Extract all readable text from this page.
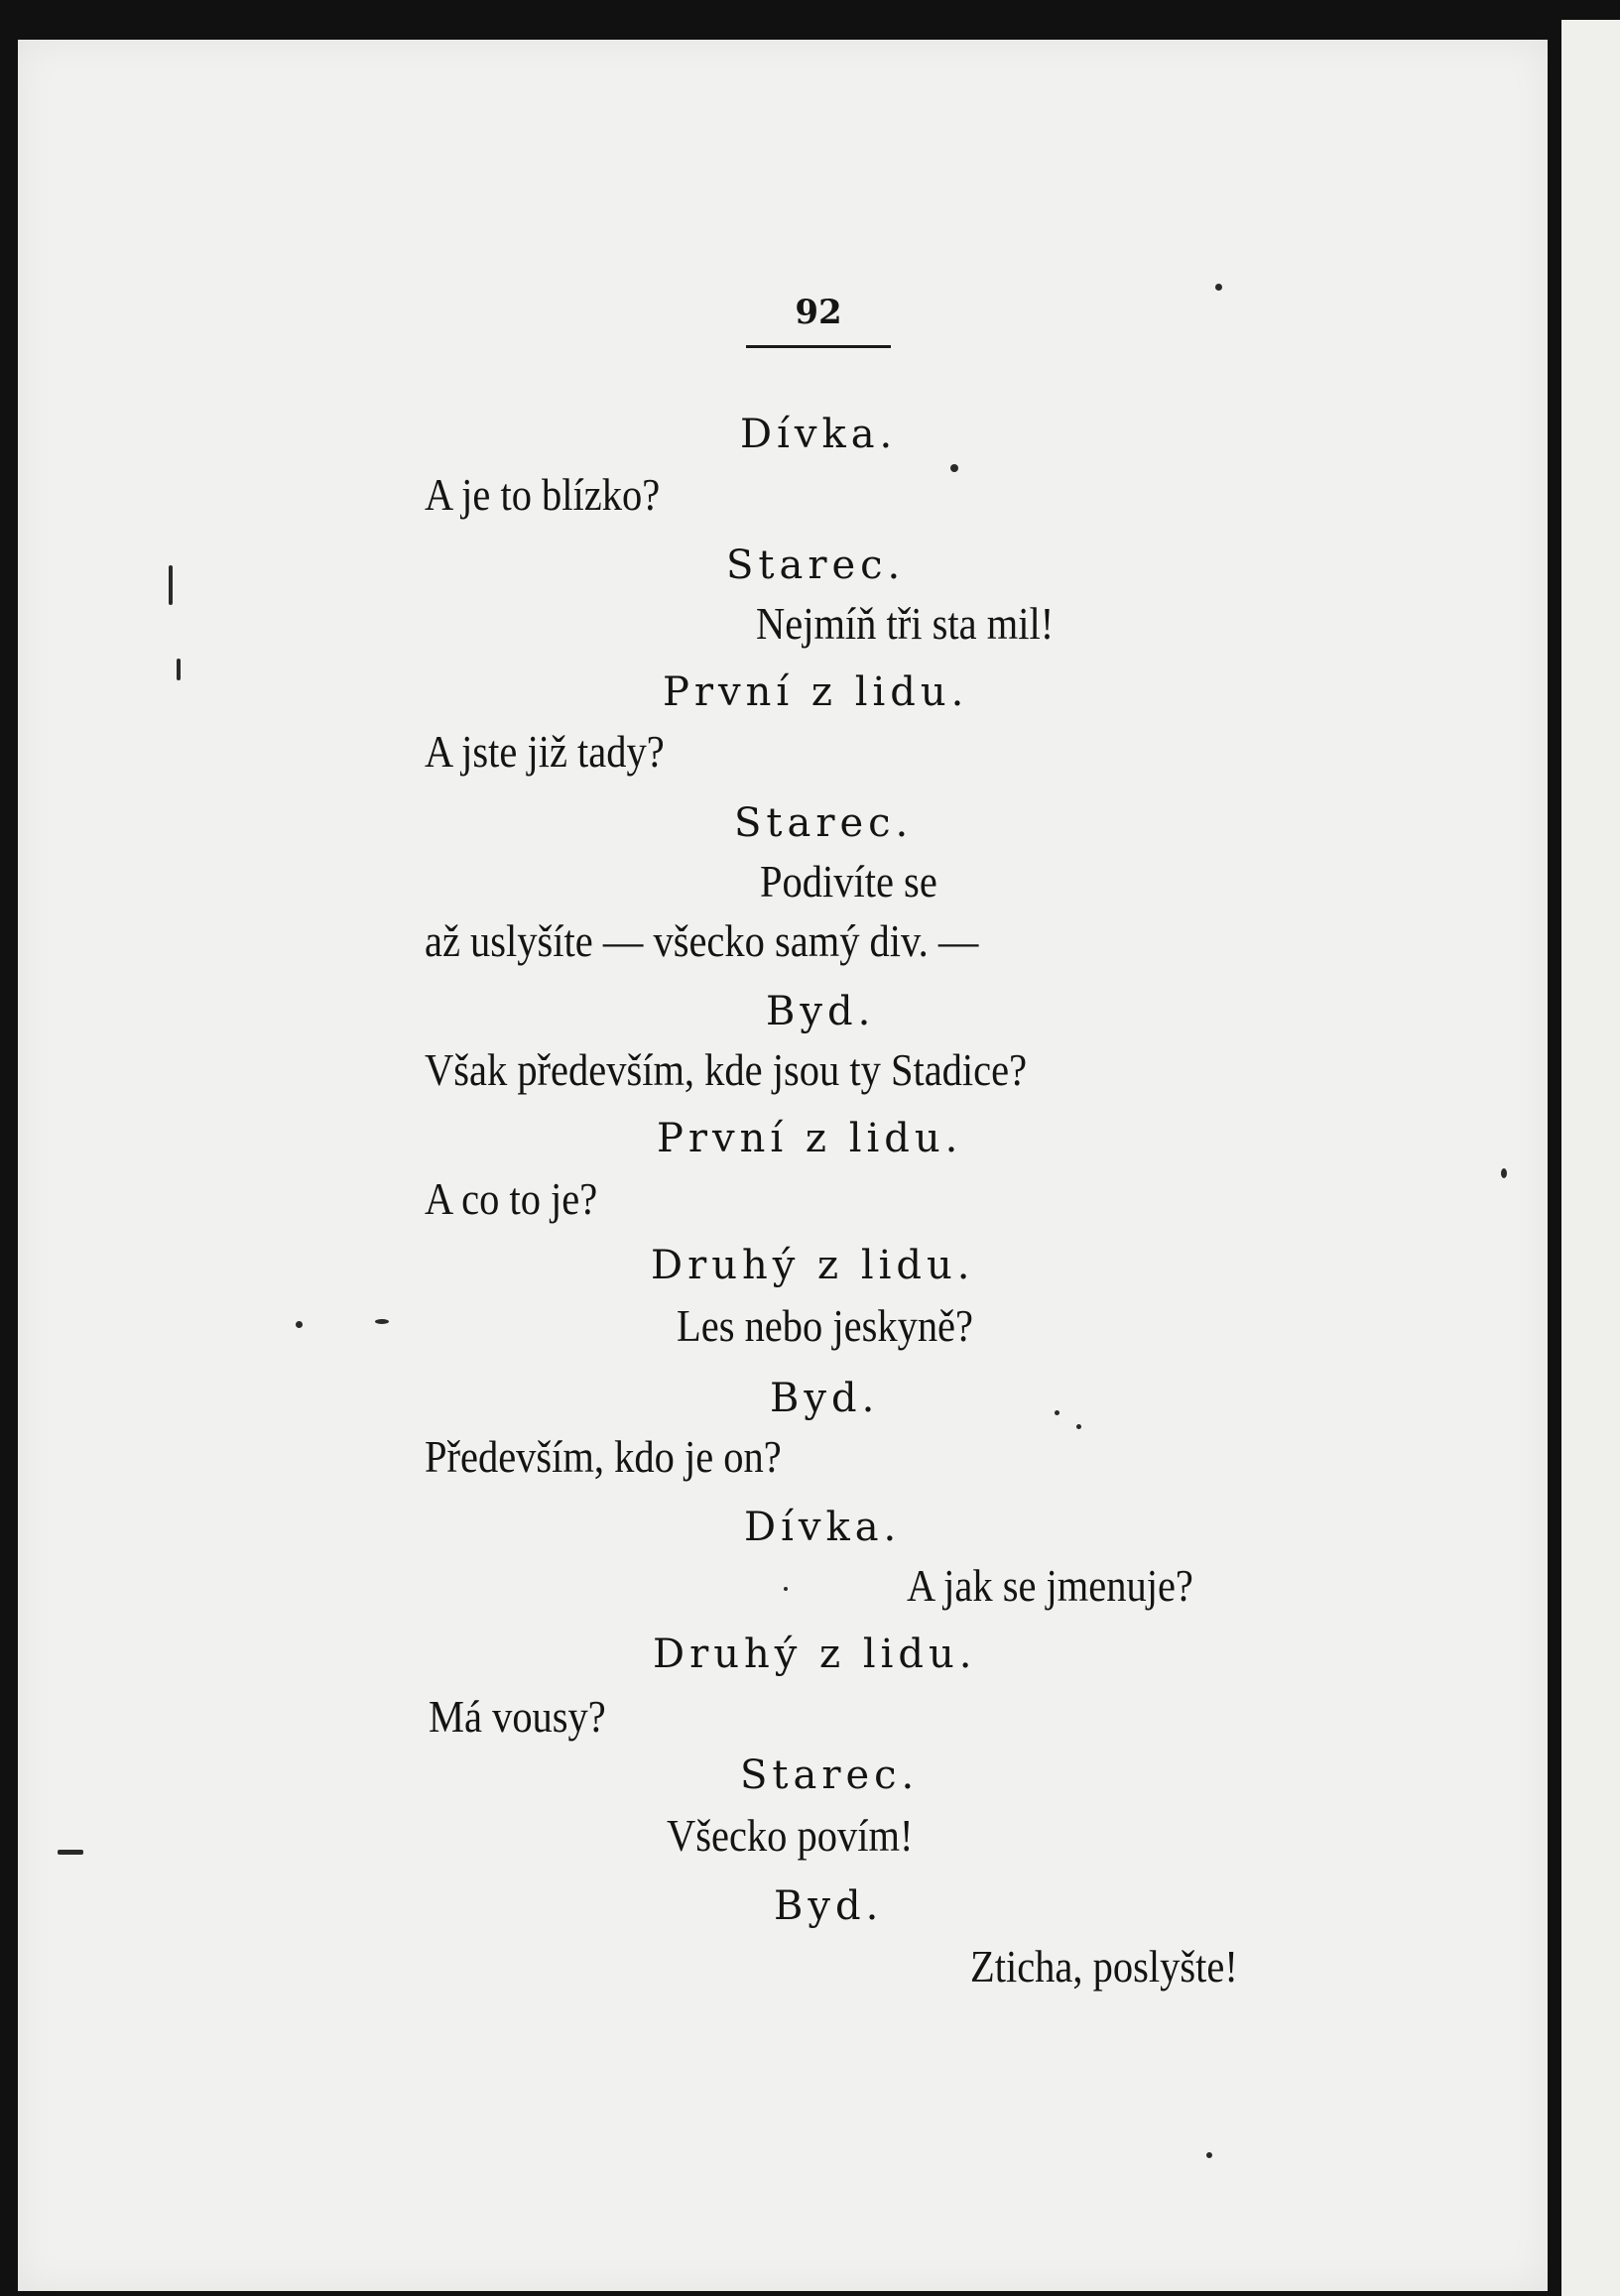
92
Dívka.
A je to blízko?
Starec.
Nejmíň tři sta mil!
První z lidu.
A jste již tady?
Starec.
Podivíte se
až uslyšíte — všecko samý div. —
Byd.
Však především, kde jsou ty Stadice?
První z lidu.
A co to je?
Druhý z lidu.
Les nebo jeskyně?
Byd.
Především, kdo je on?
Dívka.
A jak se jmenuje?
Druhý z lidu.
Má vousy?
Starec.
Všecko povím!
Byd.
Zticha, poslyšte!
